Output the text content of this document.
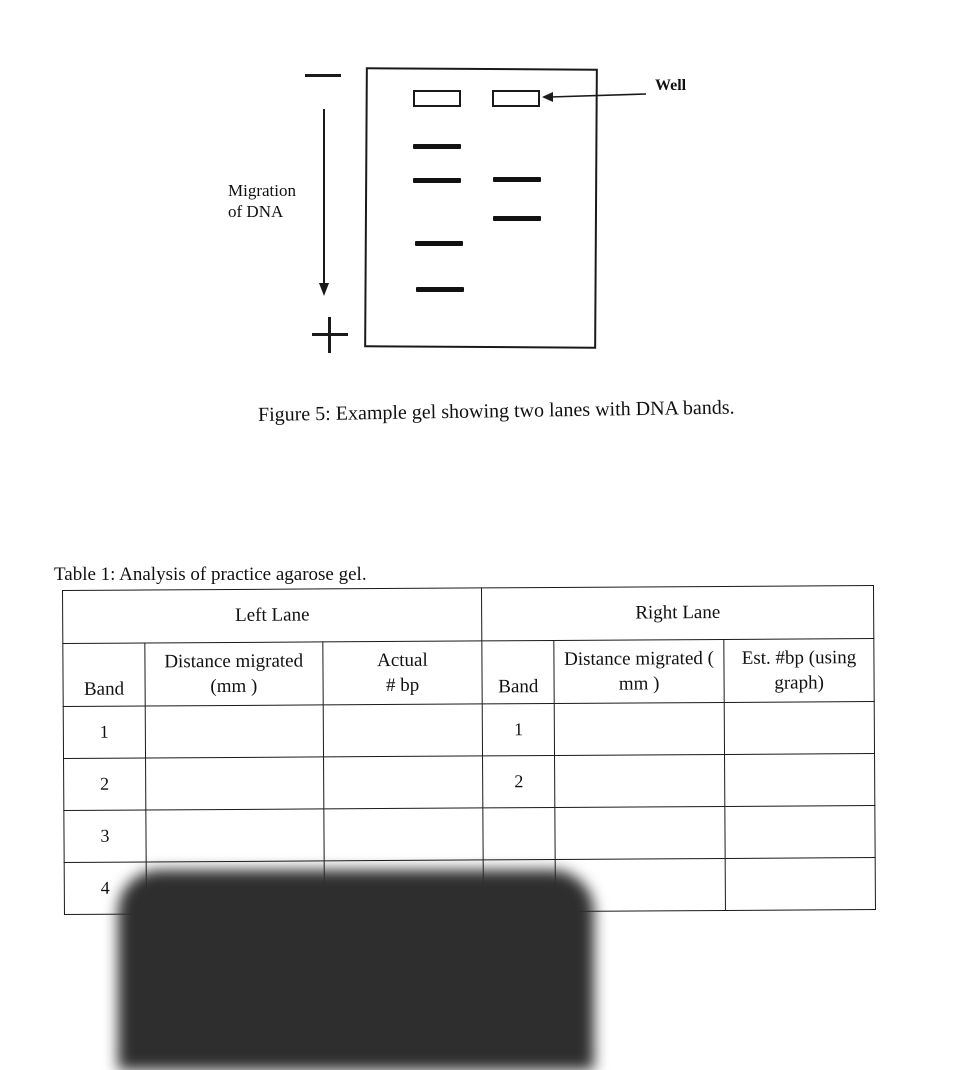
Migration
of DNA
Well
Figure 5: Example gel showing two lanes with DNA bands.
Table 1: Analysis of practice agarose gel.
Left Lane			Right Lane		
Band	Distance migrated (mm )	Actual # bp	Band	Distance migrated ( mm )	Est. #bp (using graph)
1			1		
2			2		
3					
4					
